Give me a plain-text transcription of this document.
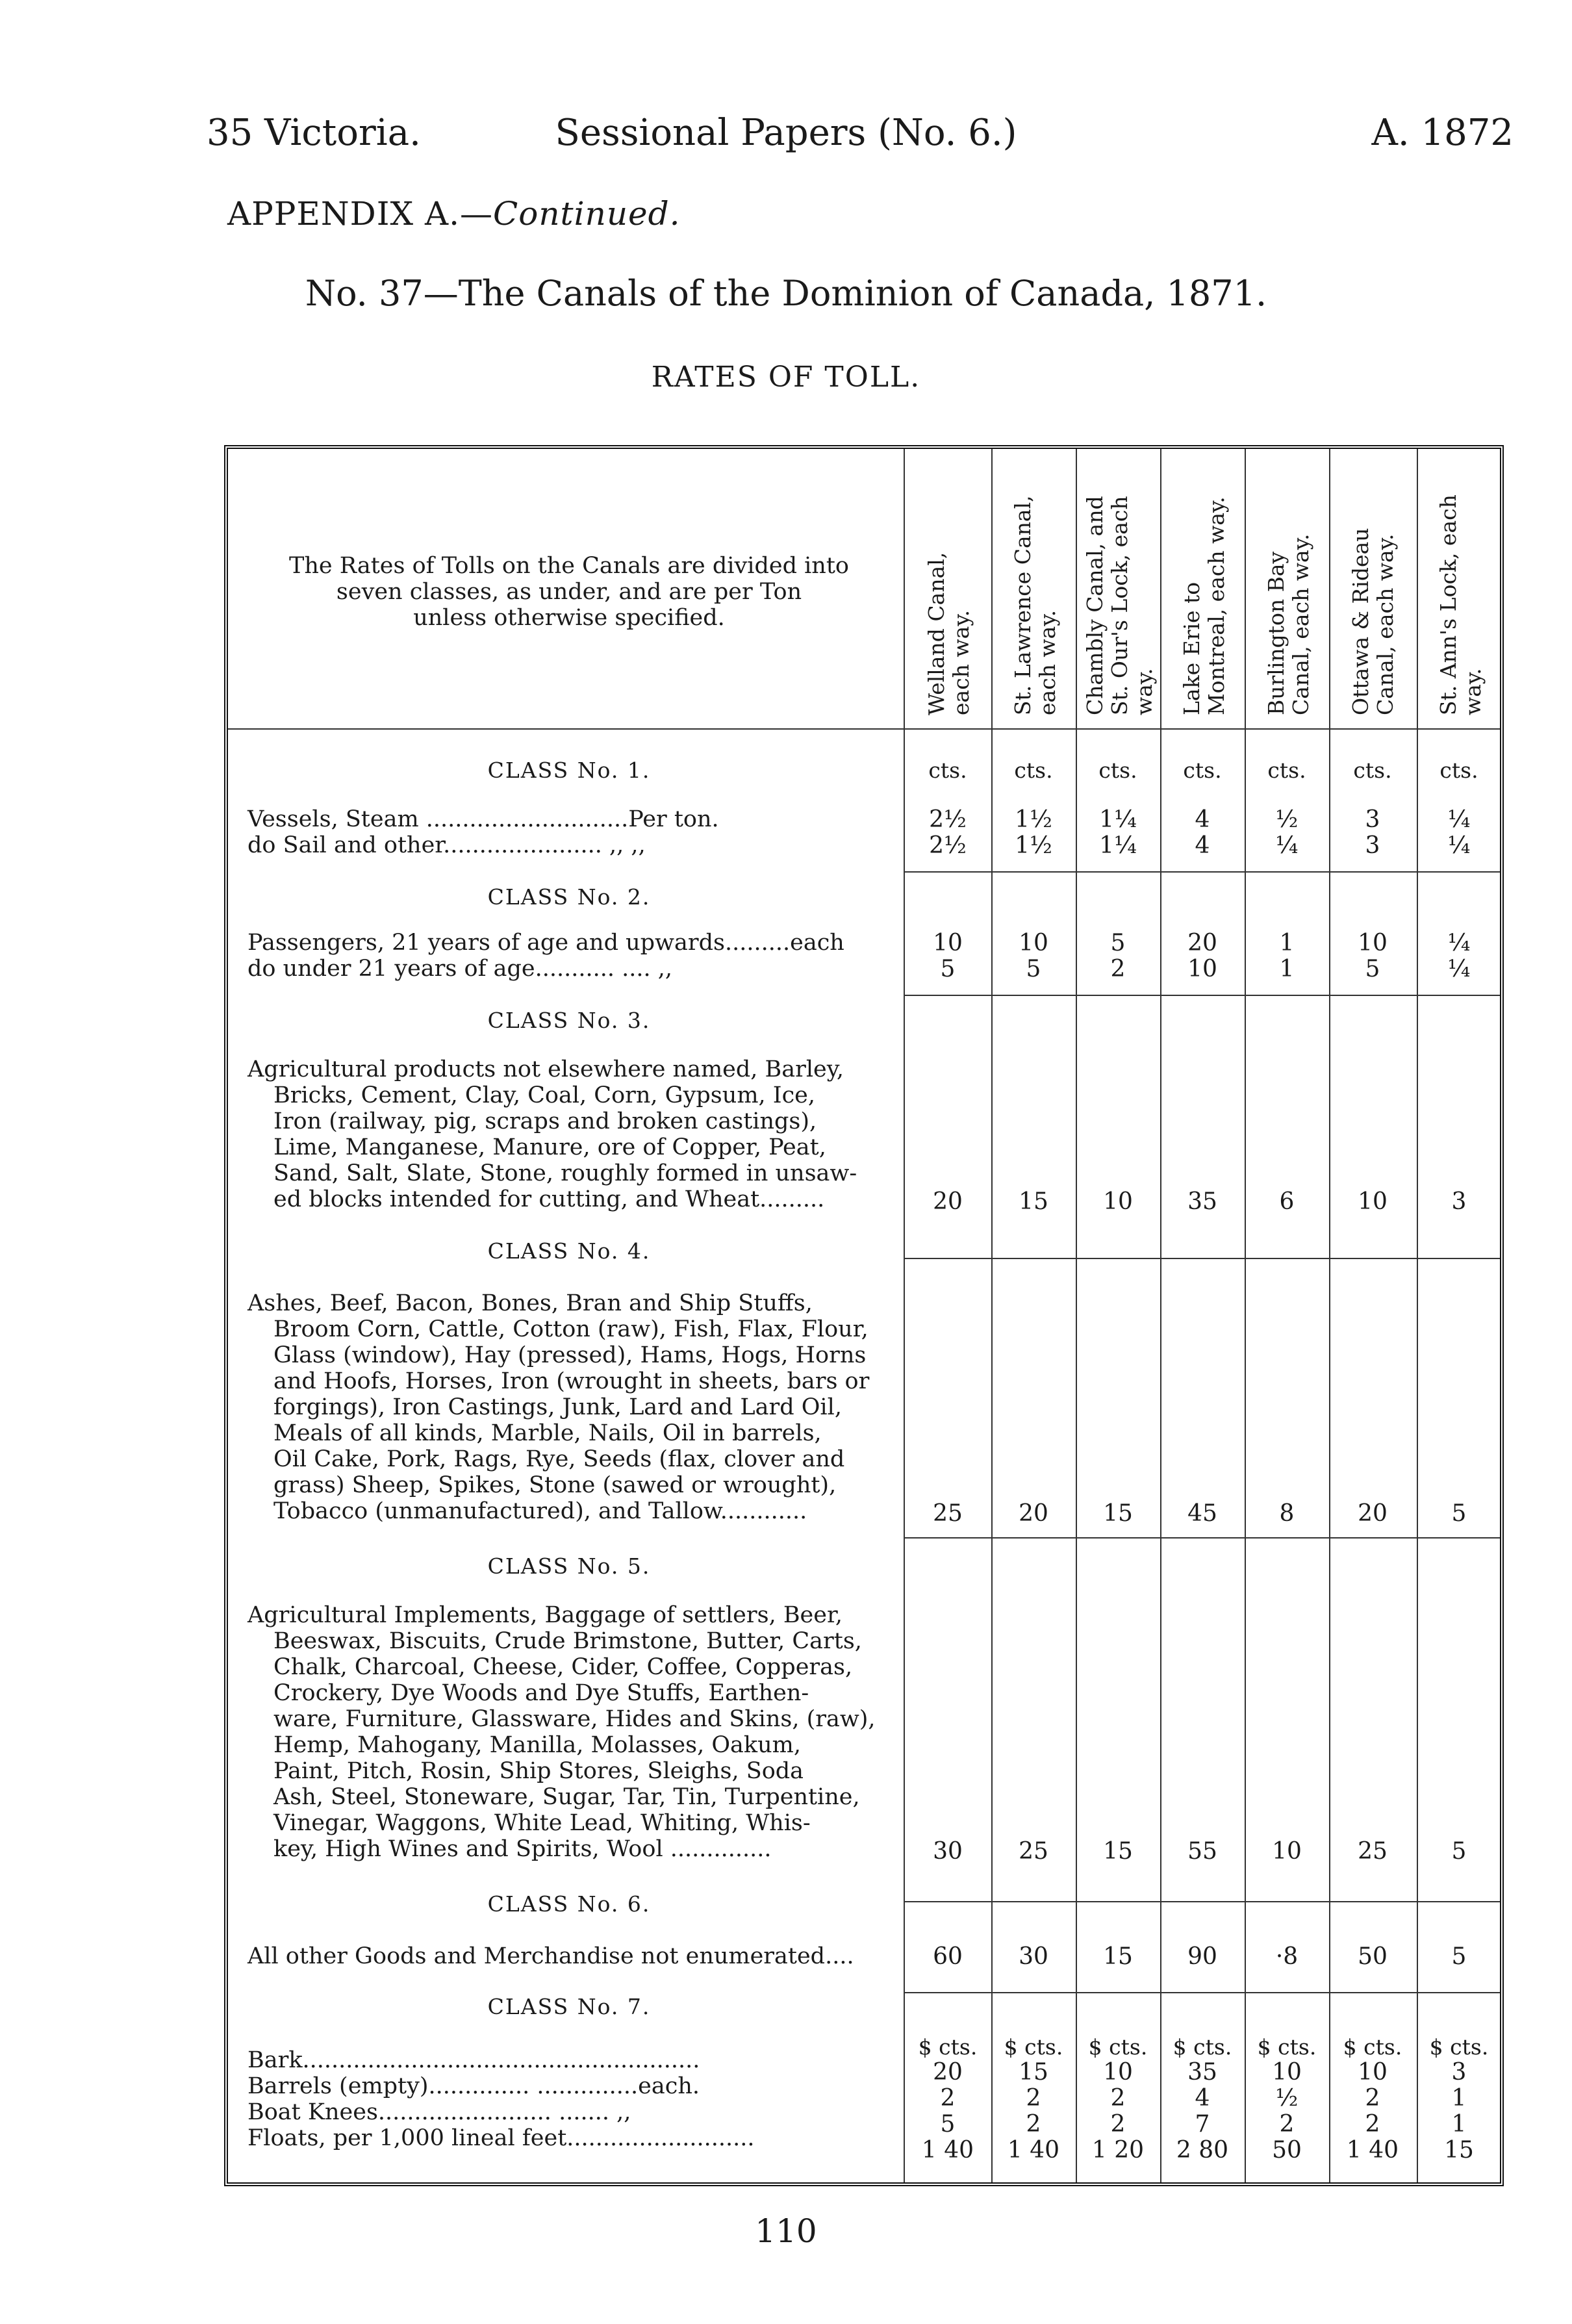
35 Victoria.	Sessional Papers (No. 6.)	A. 1872
APPENDIX A.—Continued.
No. 37—The Canals of the Dominion of Canada, 1871.
RATES OF TOLL.
The Rates of Tolls on the Canals are divided into
seven classes, as under, and are per Ton
unless otherwise specified.	Welland Canal, each way. St. Lawrence Canal, each way. Chambly Canal, and St. Our's Lock, each way. Lake Erie to Montreal, each way. Burlington Bay Canal, each way. Ottawa & Rideau Canal, each way. St. Ann's Lock, each way.
cts.	cts.	cts.	cts.	cts.	cts.	cts.
CLASS No. 1.
Vessels, Steam ............................Per ton.
do Sail and other...................... ,, ,,
2½	1½	1¼	4	½	3	¼
2½	1½	1¼	4	¼	3	¼
CLASS No. 2.
Passengers, 21 years of age and upwards.........each
do under 21 years of age........... .... ,,
10	10	5	20	1	10	¼
5	5	2	10	1	5	¼
CLASS No. 3.
Agricultural products not elsewhere named, Barley,
Bricks, Cement, Clay, Coal, Corn, Gypsum, Ice,
Iron (railway, pig, scraps and broken castings),
Lime, Manganese, Manure, ore of Copper, Peat,
Sand, Salt, Slate, Stone, roughly formed in unsaw-
ed blocks intended for cutting, and Wheat.........	20	15	10	35	6	10	3
CLASS No. 4.
Ashes, Beef, Bacon, Bones, Bran and Ship Stuffs,
Broom Corn, Cattle, Cotton (raw), Fish, Flax, Flour,
Glass (window), Hay (pressed), Hams, Hogs, Horns
and Hoofs, Horses, Iron (wrought in sheets, bars or
forgings), Iron Castings, Junk, Lard and Lard Oil,
Meals of all kinds, Marble, Nails, Oil in barrels,
Oil Cake, Pork, Rags, Rye, Seeds (flax, clover and
grass) Sheep, Spikes, Stone (sawed or wrought),
Tobacco (unmanufactured), and Tallow............	25	20	15	45	8	20	5
CLASS No. 5.
Agricultural Implements, Baggage of settlers, Beer,
Beeswax, Biscuits, Crude Brimstone, Butter, Carts,
Chalk, Charcoal, Cheese, Cider, Coffee, Copperas,
Crockery, Dye Woods and Dye Stuffs, Earthen-
ware, Furniture, Glassware, Hides and Skins, (raw),
Hemp, Mahogany, Manilla, Molasses, Oakum,
Paint, Pitch, Rosin, Ship Stores, Sleighs, Soda
Ash, Steel, Stoneware, Sugar, Tar, Tin, Turpentine,
Vinegar, Waggons, White Lead, Whiting, Whis-
key, High Wines and Spirits, Wool ..............	30	25	15	55	10	25	5
CLASS No. 6.
All other Goods and Merchandise not enumerated....	60	30	15	90	·8	50	5
CLASS No. 7.
$ cts.	$ cts.	$ cts.	$ cts.	$ cts.	$ cts.	$ cts.
Bark.......................................................
Barrels (empty).............. ..............each.
Boat Knees........................ ....... ,,
Floats, per 1,000 lineal feet..........................
20	15	10	35	10	10	3
2	2	2	4	½	2	1
5	2	2	7	2	2	1
1 40	1 40	1 20	2 80	50	1 40	15
110
